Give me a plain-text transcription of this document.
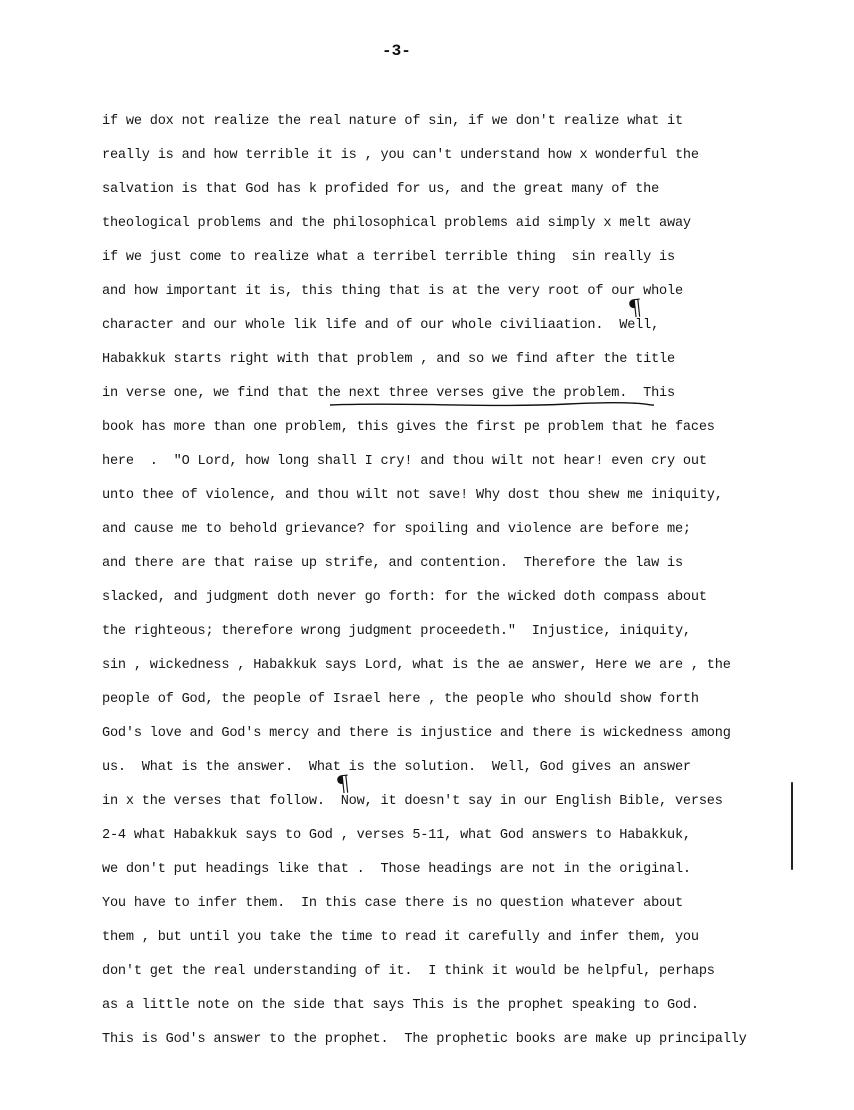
-3-
if we dox not realize the real nature of sin, if we don't realize what it
really is and how terrible it is , you can't understand how x wonderful the
salvation is that God has k profided for us, and the great many of the
theological problems and the philosophical problems aid simply x melt away
if we just come to realize what a terribel terrible thing  sin really is
and how important it is, this thing that is at the very root of our whole
character and our whole lik life and of our whole civiliaation.  Well,
Habakkuk starts right with that problem , and so we find after the title
in verse one, we find that the next three verses give the problem.  This
book has more than one problem, this gives the first pe problem that he faces
here  .  "O Lord, how long shall I cry! and thou wilt not hear! even cry out
unto thee of violence, and thou wilt not save! Why dost thou shew me iniquity,
and cause me to behold grievance? for spoiling and violence are before me;
and there are that raise up strife, and contention.  Therefore the law is
slacked, and judgment doth never go forth: for the wicked doth compass about
the righteous; therefore wrong judgment proceedeth."  Injustice, iniquity,
sin , wickedness , Habakkuk says Lord, what is the ae answer, Here we are , the
people of God, the people of Israel here , the people who should show forth
God's love and God's mercy and there is injustice and there is wickedness among
us.  What is the answer.  What is the solution.  Well, God gives an answer
in x the verses that follow.  Now, it doesn't say in our English Bible, verses
2-4 what Habakkuk says to God , verses 5-11, what God answers to Habakkuk,
we don't put headings like that .  Those headings are not in the original.
You have to infer them.  In this case there is no question whatever about
them , but until you take the time to read it carefully and infer them, you
don't get the real understanding of it.  I think it would be helpful, perhaps
as a little note on the side that says This is the prophet speaking to God.
This is God's answer to the prophet.  The prophetic books are make up principally
¶
¶
